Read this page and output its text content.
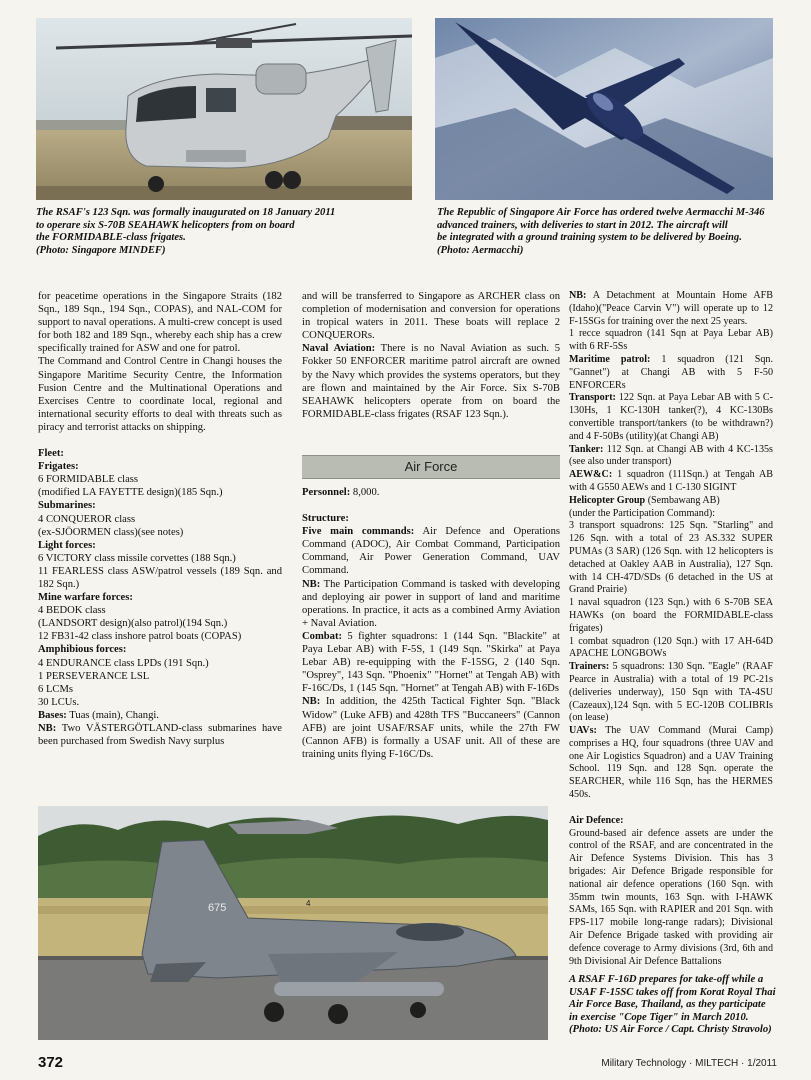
The RSAF's 123 Sqn. was formally inaugurated on 18 January 2011
to operare six S-70B SEAHAWK helicopters from on board
the FORMIDABLE-class frigates.
(Photo: Singapore MINDEF)
The Republic of Singapore Air Force has ordered twelve Aermacchi M-346
advanced trainers, with deliveries to start in 2012. The aircraft will
be integrated with a ground training system to be delivered by Boeing.
(Photo: Aermacchi)

for peacetime operations in the Singapore Straits (182 Sqn., 189 Sqn., 194 Sqn., COPAS), and NAL-COM for support to naval operations. A multi-crew concept is used for both 182 and 189 Sqn., whereby each ship has a crew specifically trained for ASW and one for patrol.

The Command and Control Centre in Changi houses the Singapore Maritime Security Centre, the Information Fusion Centre and the Multinational Operations and Exercises Centre to coordinate local, regional and international security efforts to deal with threats such as piracy and terrorist attacks on shipping.

Fleet:

Frigates:

6 FORMIDABLE class

(modified LA FAYETTE design)(185 Sqn.)

Submarines:

4 CONQUEROR class

(ex-SJÖORMEN class)(see notes)

Light forces:

6 VICTORY class missile corvettes (188 Sqn.)

11 FEARLESS class ASW/patrol vessels (189 Sqn. and 182 Sqn.)

Mine warfare forces:

4 BEDOK class

(LANDSORT design)(also patrol)(194 Sqn.)

12 FB31-42 class inshore patrol boats (COPAS)

Amphibious forces:

4 ENDURANCE class LPDs (191 Sqn.)

1 PERSEVERANCE LSL

6 LCMs

30 LCUs.

Bases: Tuas (main), Changi.

NB: Two VÄSTERGÖTLAND-class submarines have been purchased from Swedish Navy surplus

and will be transferred to Singapore as ARCHER class on completion of modernisation and conversion for operations in tropical waters in 2011. These boats will replace 2 CONQUERORs.

Naval Aviation: There is no Naval Aviation as such. 5 Fokker 50 ENFORCER maritime patrol aircraft are owned by the Navy which provides the systems operators, but they are flown and maintained by the Air Force. Six S-70B SEAHAWK helicopters operate from on board the FORMIDABLE-class frigates (RSAF 123 Sqn.).

Air Force

Personnel: 8,000.

Structure:

Five main commands: Air Defence and Operations Command (ADOC), Air Combat Command, Participation Command, Air Power Generation Command, UAV Command.

NB: The Participation Command is tasked with developing and deploying air power in support of land and maritime operations. In practice, it acts as a combined Army Aviation + Naval Aviation.

Combat: 5 fighter squadrons: 1 (144 Sqn. "Blackite" at Paya Lebar AB) with F-5S, 1 (149 Sqn. "Skirka" at Paya Lebar AB) re-equipping with the F-15SG, 2 (140 Sqn. "Osprey", 143 Sqn. "Phoenix" "Hornet" at Tengah AB) with F-16C/Ds, 1 (145 Sqn. "Hornet" at Tengah AB) with F-16Ds

NB: In addition, the 425th Tactical Fighter Sqn. "Black Widow" (Luke AFB) and 428th TFS "Buccaneers" (Cannon AFB) are joint USAF/RSAF units, while the 27th FW (Cannon AFB) is formally a USAF unit. All of these are training units flying F-16C/Ds.

NB: A Detachment at Mountain Home AFB (Idaho)("Peace Carvin V") will operate up to 12 F-15SGs for training over the next 25 years.

1 recce squadron (141 Sqn at Paya Lebar AB) with 6 RF-5Ss

Maritime patrol: 1 squadron (121 Sqn. "Gannet") at Changi AB with 5 F-50 ENFORCERs

Transport: 122 Sqn. at Paya Lebar AB with 5 C-130Hs, 1 KC-130H tanker(?), 4 KC-130Bs convertible transport/tankers (to be withdrawn?) and 4 F-50Bs (utility)(at Changi AB)

Tanker: 112 Sqn. at Changi AB with 4 KC-135s (see also under transport)

AEW&C: 1 squadron (111Sqn.) at Tengah AB with 4 G550 AEWs and 1 C-130 SIGINT

Helicopter Group (Sembawang AB)

(under the Participation Command):

3 transport squadrons: 125 Sqn. "Starling" and 126 Sqn. with a total of 23 AS.332 SUPER PUMAs (3 SAR) (126 Sqn. with 12 helicopters is detached at Oakley AAB in Australia), 127 Sqn. with 14 CH-47D/SDs (6 detached in the US at Grand Prairie)

1 naval squadron (123 Sqn.) with 6 S-70B SEA HAWKs (on board the FORMIDABLE-class frigates)

1 combat squadron (120 Sqn.) with 17 AH-64D APACHE LONGBOWs

Trainers: 5 squadrons: 130 Sqn. "Eagle" (RAAF Pearce in Australia) with a total of 19 PC-21s (deliveries underway), 150 Sqn with TA-4SU (Cazeaux),124 Sqn. with 5 EC-120B COLIBRIs (on lease)

UAVs: The UAV Command (Murai Camp) comprises a HQ, four squadrons (three UAV and one Air Logistics Squadron) and a UAV Training School. 119 Sqn. and 128 Sqn. operate the SEARCHER, while 116 Sqn, has the HERMES 450s.

Air Defence:

Ground-based air defence assets are under the control of the RSAF, and are concentrated in the Air Defence Systems Division. This has 3 brigades: Air Defence Brigade responsible for national air defence operations (160 Sqn. with 35mm twin mounts, 163 Sqn. with I-HAWK SAMs, 165 Sqn. with RAPIER and 201 Sqn. with FPS-117 mobile long-range radars); Divisional Air Defence Brigade tasked with providing air defence coverage to Army divisions (3rd, 6th and 9th Divisional Air Defence Battalions

675	4
A RSAF F-16D prepares for take-off while a
USAF F-15SC takes off from Korat Royal Thai
Air Force Base, Thailand, as they participate
in exercise "Cope Tiger" in March 2010.
(Photo: US Air Force / Capt. Christy Stravolo)
372	Military Technology · MILTECH · 1/2011
